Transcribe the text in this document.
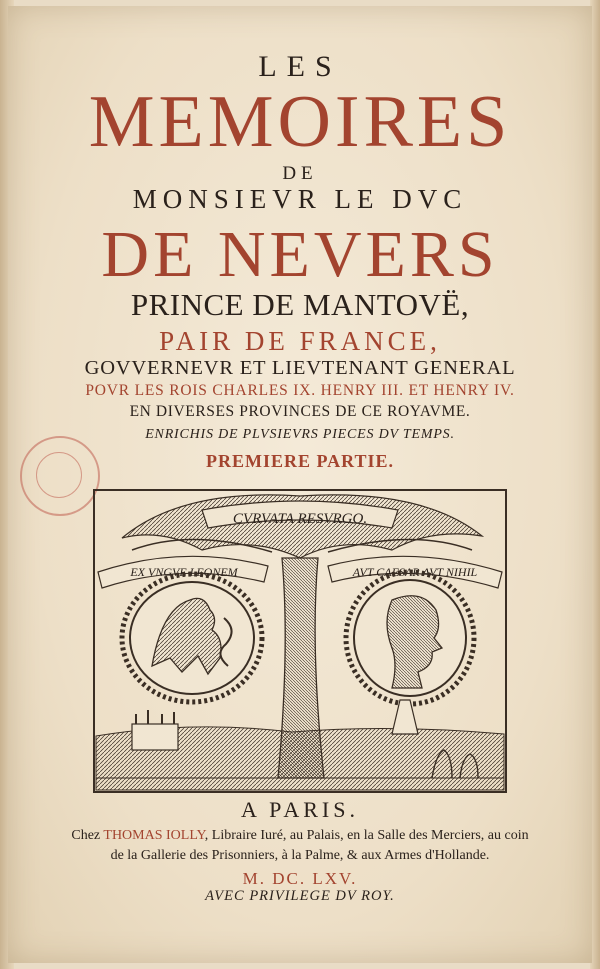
LES
MEMOIRES
DE
MONSIEVR LE DVC
DE NEVERS
PRINCE DE MANTOVË,
PAIR DE FRANCE,
GOVVERNEVR ET LIEVTENANT GENERAL
POVR LES ROIS CHARLES IX. HENRY III. ET HENRY IV.
EN DIVERSES PROVINCES DE CE ROYAVME.
ENRICHIS DE PLVSIEVRS PIECES DV TEMPS.
PREMIERE PARTIE.
CVRVATA RESVRGO.
EX VNGVE LEONEM	AVT CAESAR AVT NIHIL
A PARIS.
Chez THOMAS IOLLY, Libraire Iuré, au Palais, en la Salle des Merciers, au coin
de la Gallerie des Prisonniers, à la Palme, & aux Armes d'Hollande.
M. DC. LXV.
AVEC PRIVILEGE DV ROY.
